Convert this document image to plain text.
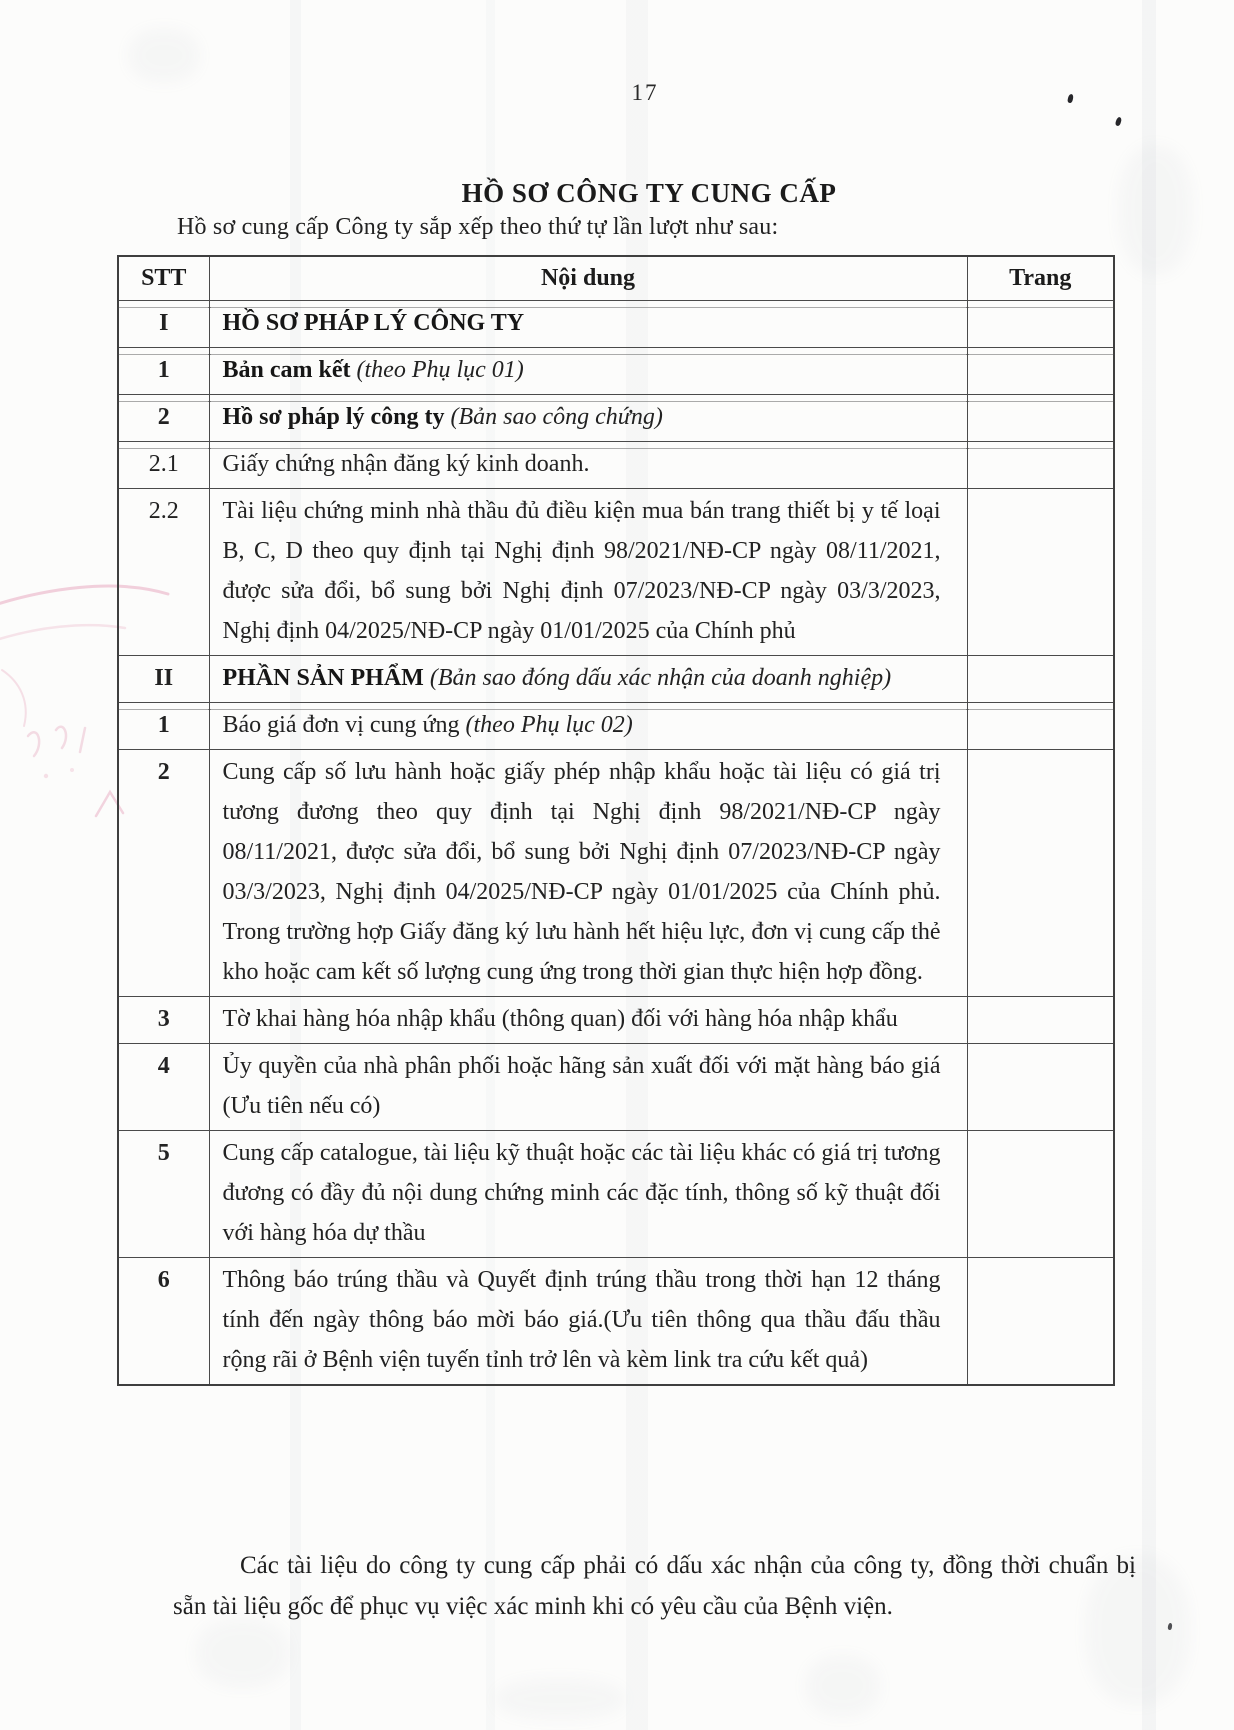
17
HỒ SƠ CÔNG TY CUNG CẤP

Hồ sơ cung cấp Công ty sắp xếp theo thứ tự lần lượt như sau:

STT	Nội dung	Trang
I	HỒ SƠ PHÁP LÝ CÔNG TY	
1	Bản cam kết (theo Phụ lục 01)	
2	Hồ sơ pháp lý công ty (Bản sao công chứng)	
2.1	Giấy chứng nhận đăng ký kinh doanh.	
2.2	Tài liệu chứng minh nhà thầu đủ điều kiện mua bán trang thiết bị y tế loại B, C, D theo quy định tại Nghị định 98/2021/NĐ-CP ngày 08/11/2021, được sửa đổi, bổ sung bởi Nghị định 07/2023/NĐ-CP ngày 03/3/2023, Nghị định 04/2025/NĐ-CP ngày 01/01/2025 của Chính phủ	
II	PHẦN SẢN PHẨM (Bản sao đóng dấu xác nhận của doanh nghiệp)	
1	Báo giá đơn vị cung ứng (theo Phụ lục 02)	
2	Cung cấp số lưu hành hoặc giấy phép nhập khẩu hoặc tài liệu có giá trị tương đương theo quy định tại Nghị định 98/2021/NĐ-CP ngày 08/11/2021, được sửa đổi, bổ sung bởi Nghị định 07/2023/NĐ-CP ngày 03/3/2023, Nghị định 04/2025/NĐ-CP ngày 01/01/2025 của Chính phủ. Trong trường hợp Giấy đăng ký lưu hành hết hiệu lực, đơn vị cung cấp thẻ kho hoặc cam kết số lượng cung ứng trong thời gian thực hiện hợp đồng.	
3	Tờ khai hàng hóa nhập khẩu (thông quan) đối với hàng hóa nhập khẩu	
4	Ủy quyền của nhà phân phối hoặc hãng sản xuất đối với mặt hàng báo giá (Ưu tiên nếu có)	
5	Cung cấp catalogue, tài liệu kỹ thuật hoặc các tài liệu khác có giá trị tương đương có đầy đủ nội dung chứng minh các đặc tính, thông số kỹ thuật đối với hàng hóa dự thầu	
6	Thông báo trúng thầu và Quyết định trúng thầu trong thời hạn 12 tháng tính đến ngày thông báo mời báo giá.(Ưu tiên thông qua thầu đấu thầu rộng rãi ở Bệnh viện tuyến tỉnh trở lên và kèm link tra cứu kết quả)	

Các tài liệu do công ty cung cấp phải có dấu xác nhận của công ty, đồng thời chuẩn bị sẵn tài liệu gốc để phục vụ việc xác minh khi có yêu cầu của Bệnh viện.
